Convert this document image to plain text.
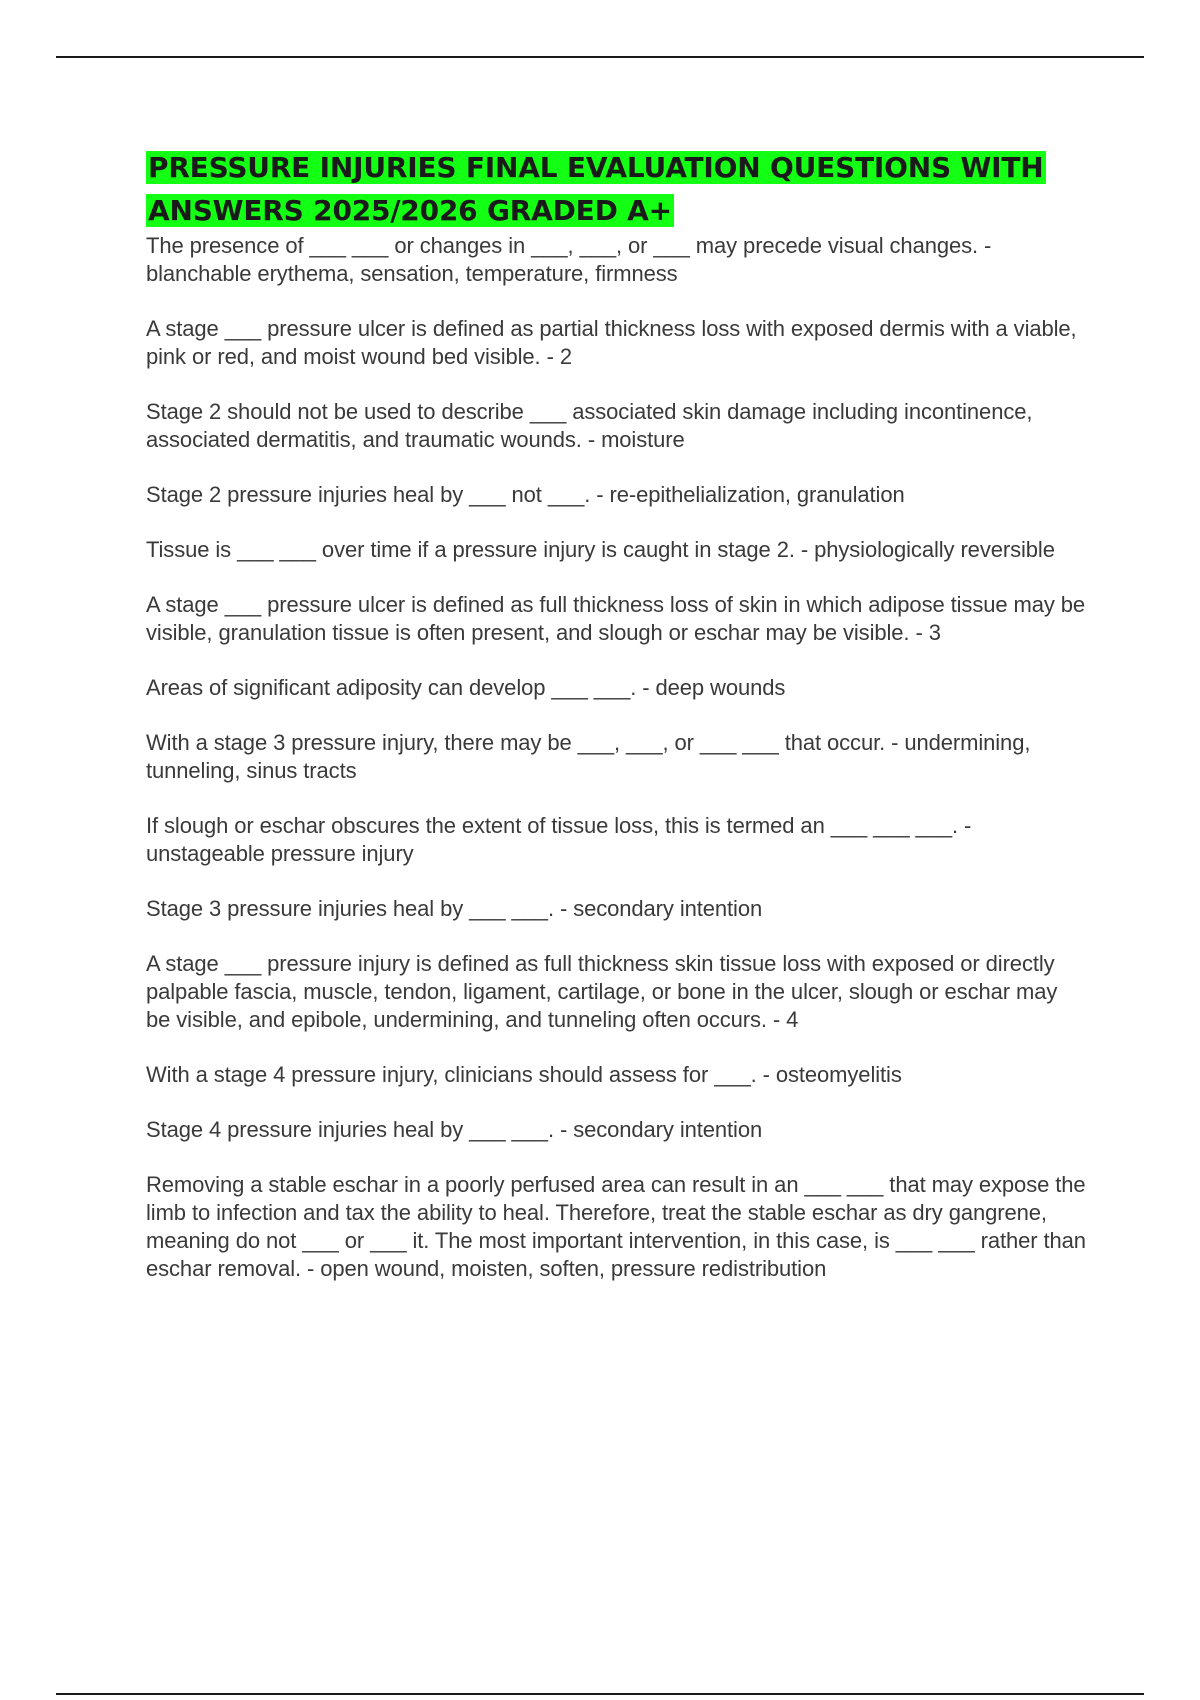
PRESSURE INJURIES FINAL EVALUATION QUESTIONS WITH
ANSWERS 2025/2026 GRADED A+

The presence of ___ ___ or changes in ___, ___, or ___ may precede visual changes. - blanchable erythema, sensation, temperature, firmness

A stage ___ pressure ulcer is defined as partial thickness loss with exposed dermis with a viable, pink or red, and moist wound bed visible. - 2

Stage 2 should not be used to describe ___ associated skin damage including incontinence, associated dermatitis, and traumatic wounds. - moisture

Stage 2 pressure injuries heal by ___ not ___. - re-epithelialization, granulation

Tissue is ___ ___ over time if a pressure injury is caught in stage 2. - physiologically reversible

A stage ___ pressure ulcer is defined as full thickness loss of skin in which adipose tissue may be visible, granulation tissue is often present, and slough or eschar may be visible. - 3

Areas of significant adiposity can develop ___ ___. - deep wounds

With a stage 3 pressure injury, there may be ___, ___, or ___ ___ that occur. - undermining, tunneling, sinus tracts

If slough or eschar obscures the extent of tissue loss, this is termed an ___ ___ ___. - unstageable pressure injury

Stage 3 pressure injuries heal by ___ ___. - secondary intention

A stage ___ pressure injury is defined as full thickness skin tissue loss with exposed or directly palpable fascia, muscle, tendon, ligament, cartilage, or bone in the ulcer, slough or eschar may be visible, and epibole, undermining, and tunneling often occurs. - 4

With a stage 4 pressure injury, clinicians should assess for ___. - osteomyelitis

Stage 4 pressure injuries heal by ___ ___. - secondary intention

Removing a stable eschar in a poorly perfused area can result in an ___ ___ that may expose the limb to infection and tax the ability to heal. Therefore, treat the stable eschar as dry gangrene, meaning do not ___ or ___ it. The most important intervention, in this case, is ___ ___ rather than eschar removal. - open wound, moisten, soften, pressure redistribution
